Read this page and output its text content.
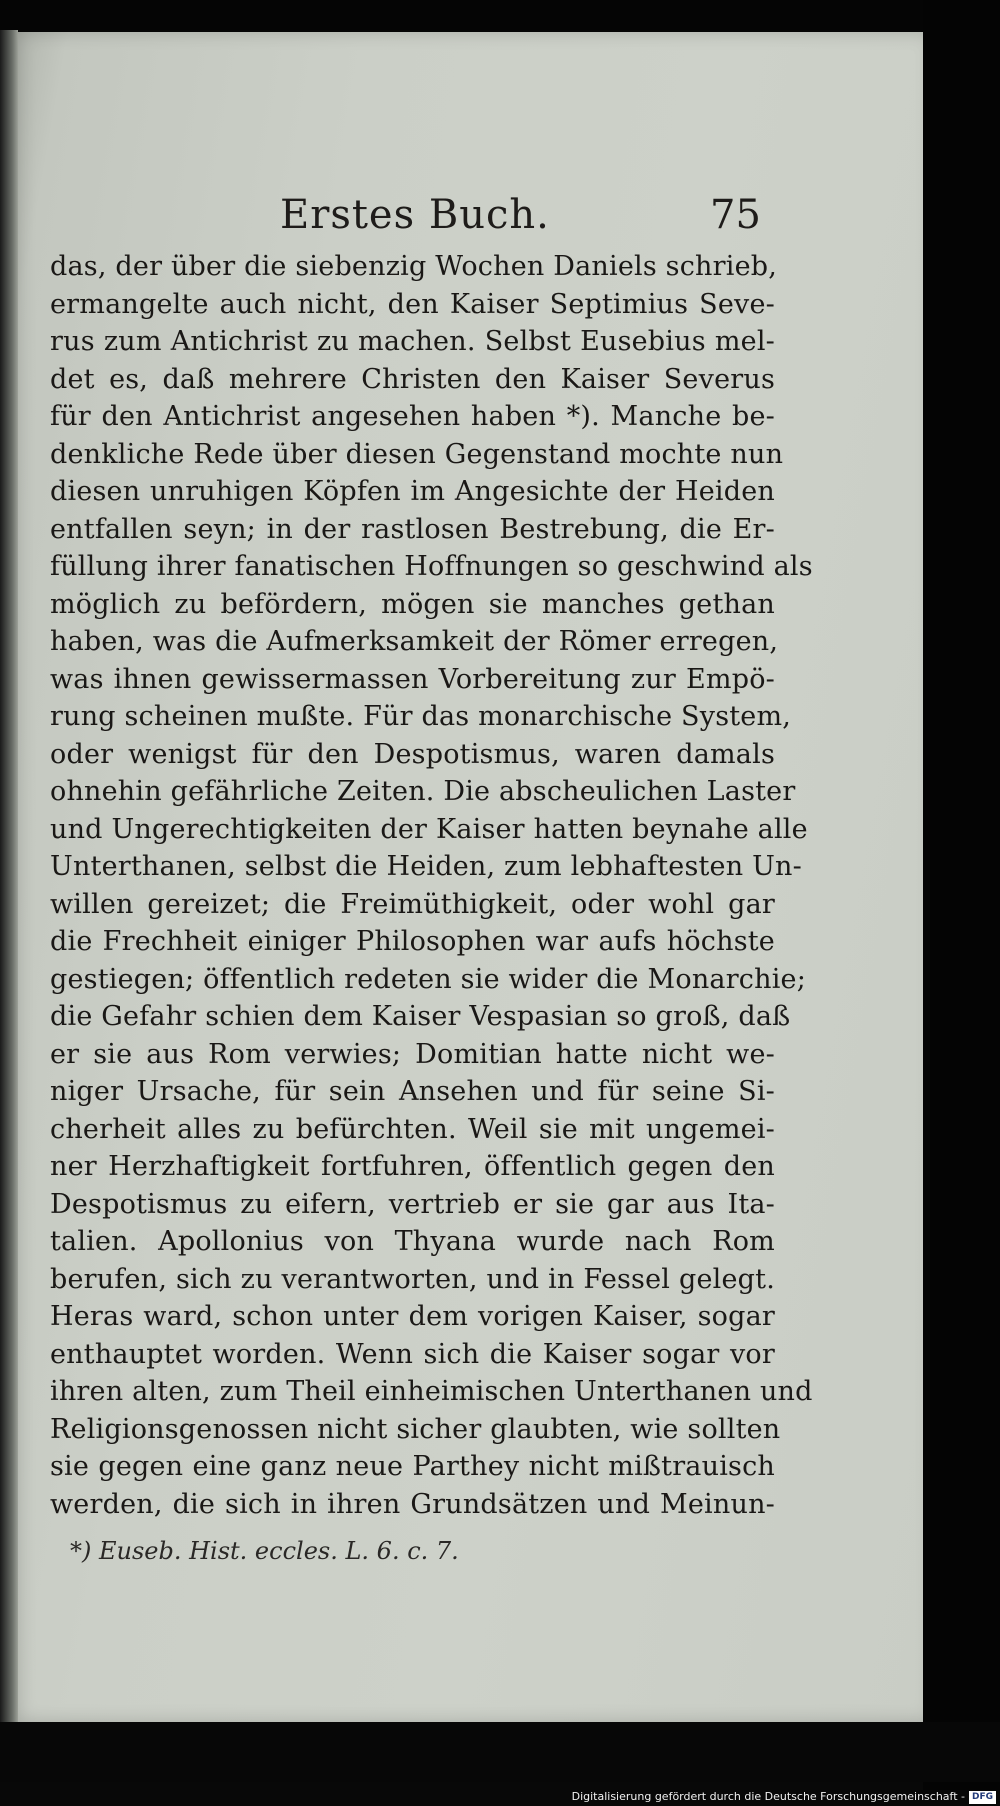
Erstes Buch.	75
das, der über die siebenzig Wochen Daniels schrieb,
ermangelte auch nicht, den Kaiser Septimius Seve-
rus zum Antichrist zu machen. Selbst Eusebius mel-
det es, daß mehrere Christen den Kaiser Severus
für den Antichrist angesehen haben *). Manche be-
denkliche Rede über diesen Gegenstand mochte nun
diesen unruhigen Köpfen im Angesichte der Heiden
entfallen seyn; in der rastlosen Bestrebung, die Er-
füllung ihrer fanatischen Hoffnungen so geschwind als
möglich zu befördern, mögen sie manches gethan
haben, was die Aufmerksamkeit der Römer erregen,
was ihnen gewissermassen Vorbereitung zur Empö-
rung scheinen mußte. Für das monarchische System,
oder wenigst für den Despotismus, waren damals
ohnehin gefährliche Zeiten. Die abscheulichen Laster
und Ungerechtigkeiten der Kaiser hatten beynahe alle
Unterthanen, selbst die Heiden, zum lebhaftesten Un-
willen gereizet; die Freimüthigkeit, oder wohl gar
die Frechheit einiger Philosophen war aufs höchste
gestiegen; öffentlich redeten sie wider die Monarchie;
die Gefahr schien dem Kaiser Vespasian so groß, daß
er sie aus Rom verwies; Domitian hatte nicht we-
niger Ursache, für sein Ansehen und für seine Si-
cherheit alles zu befürchten. Weil sie mit ungemei-
ner Herzhaftigkeit fortfuhren, öffentlich gegen den
Despotismus zu eifern, vertrieb er sie gar aus Ita-
talien. Apollonius von Thyana wurde nach Rom
berufen, sich zu verantworten, und in Fessel gelegt.
Heras ward, schon unter dem vorigen Kaiser, sogar
enthauptet worden. Wenn sich die Kaiser sogar vor
ihren alten, zum Theil einheimischen Unterthanen und
Religionsgenossen nicht sicher glaubten, wie sollten
sie gegen eine ganz neue Parthey nicht mißtrauisch
werden, die sich in ihren Grundsätzen und Meinun-
*) Euseb. Hist. eccles. L. 6. c. 7.
Digitalisierung gefördert durch die Deutsche Forschungsgemeinschaft - DFG
